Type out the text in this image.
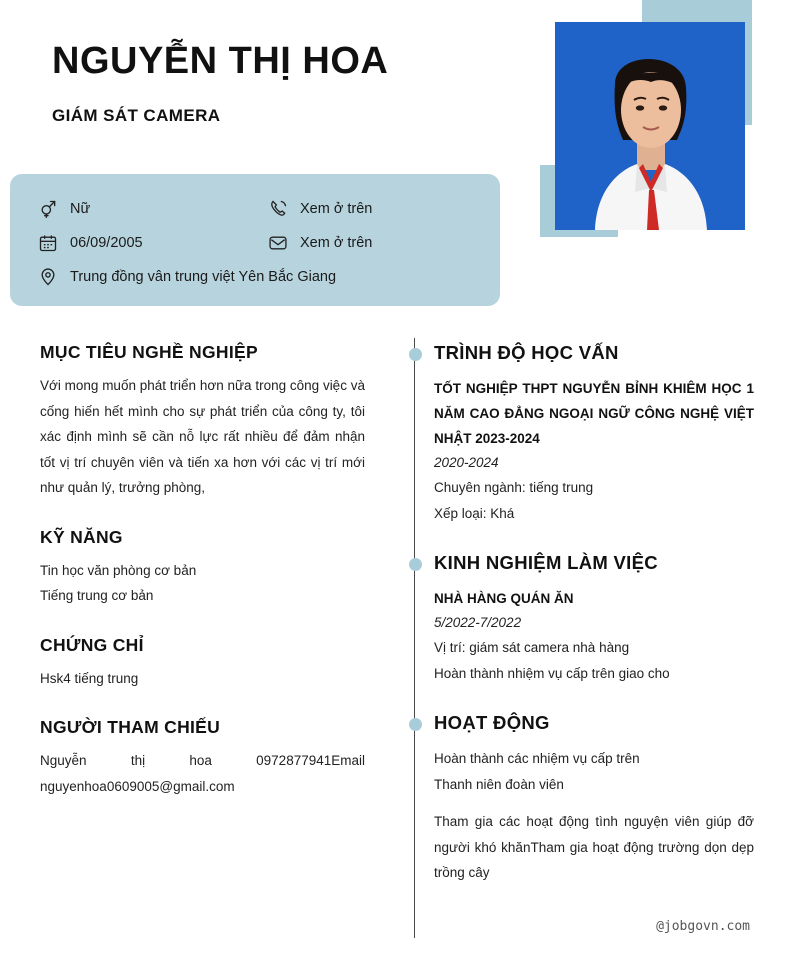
NGUYỄN THỊ HOA
GIÁM SÁT CAMERA
Nữ	Xem ở trên
06/09/2005	Xem ở trên
Trung đồng vân trung việt Yên Bắc Giang
MỤC TIÊU NGHỀ NGHIỆP
Với mong muốn phát triển hơn nữa trong công việc và cống hiến hết mình cho sự phát triển của công ty, tôi xác định mình sẽ cần nỗ lực rất nhiều để đảm nhận tốt vị trí chuyên viên và tiến xa hơn với các vị trí mới như quản lý, trưởng phòng,
KỸ NĂNG
Tin học văn phòng cơ bản
Tiếng trung cơ bản
CHỨNG CHỈ
Hsk4 tiếng trung
NGƯỜI THAM CHIẾU
Nguyễn thị hoa 0972877941Email nguyenhoa0609005@gmail.com
TRÌNH ĐỘ HỌC VẤN
TỐT NGHIỆP THPT NGUYỄN BỈNH KHIÊM HỌC 1 NĂM CAO ĐẲNG NGOẠI NGỮ CÔNG NGHỆ VIỆT NHẬT 2023-2024
2020-2024
Chuyên ngành: tiếng trung
Xếp loại: Khá
KINH NGHIỆM LÀM VIỆC
NHÀ HÀNG QUÁN ĂN
5/2022-7/2022
Vị trí: giám sát camera nhà hàng
Hoàn thành nhiệm vụ cấp trên giao cho
HOẠT ĐỘNG
Hoàn thành các nhiệm vụ cấp trên
Thanh niên đoàn viên
Tham gia các hoạt động tình nguyện viên giúp đỡ người khó khănTham gia hoạt động trường dọn dẹp trồng cây
@jobgovn.com
